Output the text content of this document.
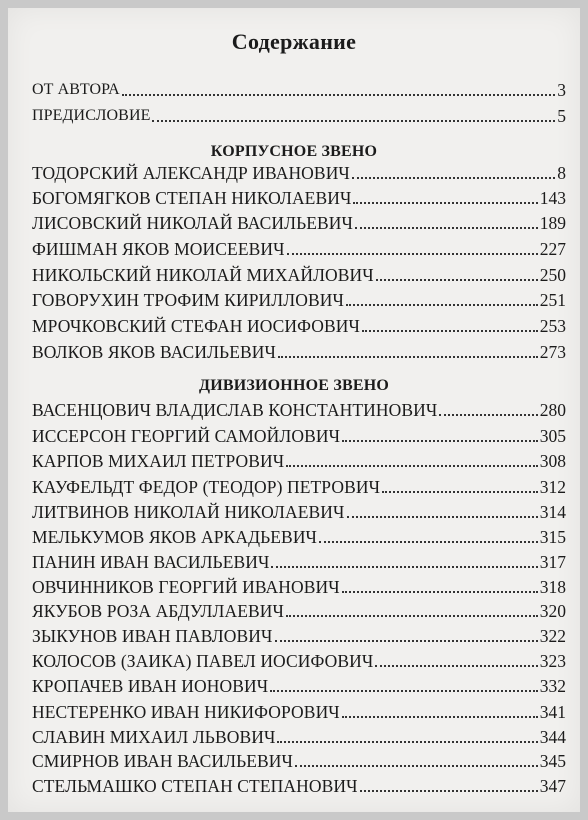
Содержание
ОТ АВТОРА	3
ПРЕДИСЛОВИЕ	5
КОРПУСНОЕ ЗВЕНО
ТОДОРСКИЙ АЛЕКСАНДР ИВАНОВИЧ	8
БОГОМЯГКОВ СТЕПАН НИКОЛАЕВИЧ	143
ЛИСОВСКИЙ НИКОЛАЙ ВАСИЛЬЕВИЧ	189
ФИШМАН ЯКОВ МОИСЕЕВИЧ	227
НИКОЛЬСКИЙ НИКОЛАЙ МИХАЙЛОВИЧ	250
ГОВОРУХИН ТРОФИМ КИРИЛЛОВИЧ	251
МРОЧКОВСКИЙ СТЕФАН ИОСИФОВИЧ	253
ВОЛКОВ ЯКОВ ВАСИЛЬЕВИЧ	273
ДИВИЗИОННОЕ ЗВЕНО
ВАСЕНЦОВИЧ ВЛАДИСЛАВ КОНСТАНТИНОВИЧ	280
ИССЕРСОН ГЕОРГИЙ САМОЙЛОВИЧ	305
КАРПОВ МИХАИЛ ПЕТРОВИЧ	308
КАУФЕЛЬДТ ФЕДОР (ТЕОДОР) ПЕТРОВИЧ	312
ЛИТВИНОВ НИКОЛАЙ НИКОЛАЕВИЧ	314
МЕЛЬКУМОВ ЯКОВ АРКАДЬЕВИЧ	315
ПАНИН ИВАН ВАСИЛЬЕВИЧ	317
ОВЧИННИКОВ ГЕОРГИЙ ИВАНОВИЧ	318
ЯКУБОВ РОЗА АБДУЛЛАЕВИЧ	320
ЗЫКУНОВ ИВАН ПАВЛОВИЧ	322
КОЛОСОВ (ЗАИКА) ПАВЕЛ ИОСИФОВИЧ	323
КРОПАЧЕВ ИВАН ИОНОВИЧ	332
НЕСТЕРЕНКО ИВАН НИКИФОРОВИЧ	341
СЛАВИН МИХАИЛ ЛЬВОВИЧ	344
СМИРНОВ ИВАН ВАСИЛЬЕВИЧ	345
СТЕЛЬМАШКО СТЕПАН СТЕПАНОВИЧ	347
